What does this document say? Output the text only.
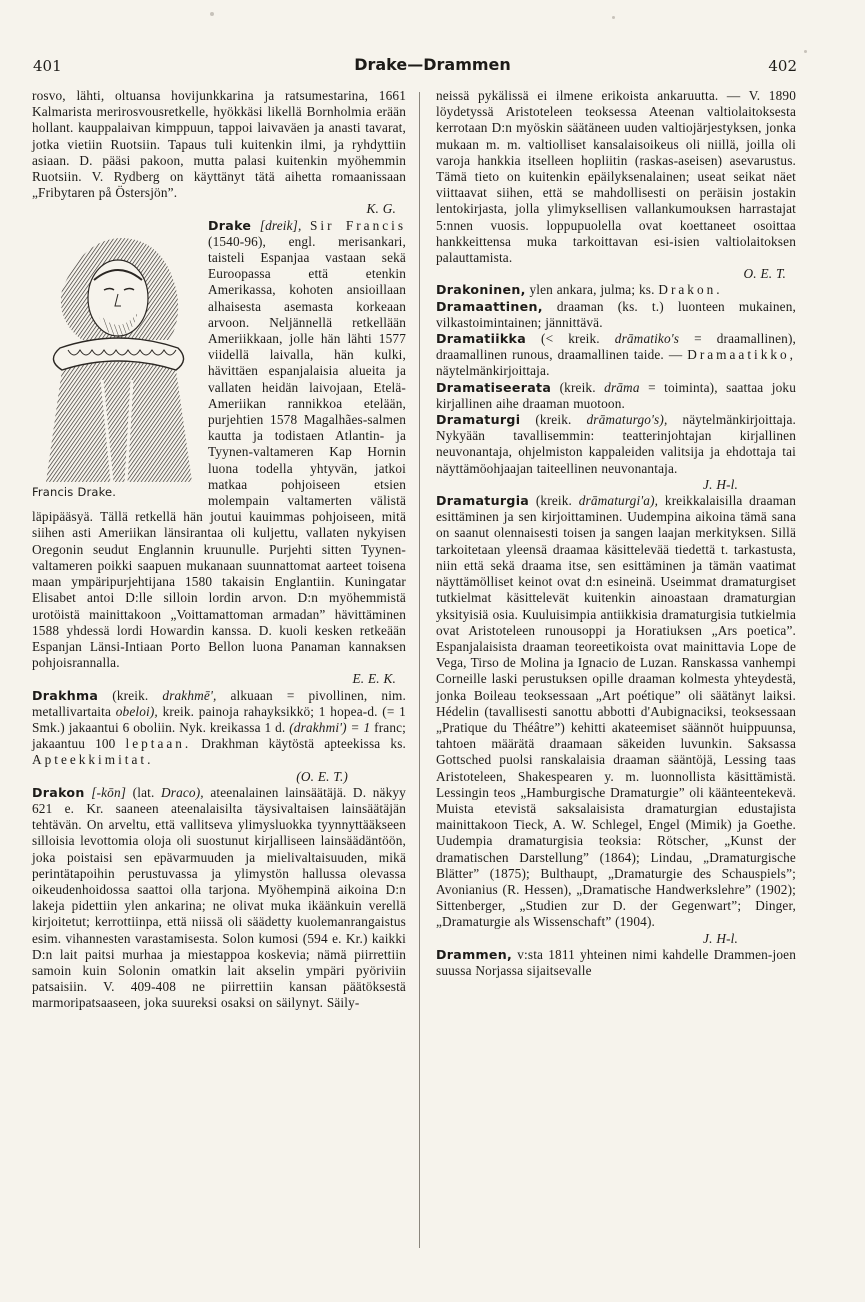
401	Drake—Drammen	402

rosvo, lähti, oltuansa hovijunkkarina ja ratsumestarina, 1661 Kalmarista merirosvousretkelle, hyökkäsi likellä Bornholmia erään hollant. kauppalaivan kimppuun, tappoi laivaväen ja anasti tavarat, jotka vietiin Ruotsiin. Tapaus tuli kuitenkin ilmi, ja ryhdyttiin asiaan. D. pääsi pakoon, mutta palasi kuitenkin myöhemmin Ruotsiin. V. Rydberg on käyttänyt tätä aihetta romaanissaan „Fribytaren på Östersjön”.

K. G.

Drake [dreik], Sir Francis
Francis Drake.
(1540-96), engl. merisankari, taisteli Espanjaa vastaan sekä Euroopassa että etenkin Amerikassa, kohoten ansioillaan alhaisesta asemasta korkeaan arvoon. Neljännellä retkellään Ameriikkaan, jolle hän lähti 1577 viidellä laivalla, hän kulki, hävittäen espanjalaisia alueita ja vallaten heidän laivojaan, Etelä-Ameriikan rannikkoa etelään, purjehtien 1578 Magalhães-salmen kautta ja todistaen Atlantin- ja Tyynen-valtameren Kap Hornin luona todella yhtyvän, jatkoi matkaa pohjoiseen etsien molempain valtamerten välistä läpipääsyä. Tällä retkellä hän joutui kauimmas pohjoiseen, mitä siihen asti Ameriikan länsirantaa oli kuljettu, vallaten nykyisen Oregonin seudut Englannin kruunulle. Purjehti sitten Tyynen-valtameren poikki saapuen mukanaan suunnattomat aarteet toisena maan ympäripurjehtijana 1580 takaisin Englantiin. Kuningatar Elisabet antoi D:lle silloin lordin arvon. D:n myöhemmistä urotöistä mainittakoon „Voittamattoman armadan” hävittäminen 1588 yhdessä lordi Howardin kanssa. D. kuoli kesken retkeään Espanjan Länsi-Intiaan Porto Bellon luona Panaman kannaksen pohjoisrannalla.

E. E. K.

Drakhma (kreik. drakhmē', alkuaan = pivollinen, nim. metallivartaita obeloi), kreik. painoja rahayksikkö; 1 hopea-d. (= 1 Smk.) jakaantui 6 oboliin. Nyk. kreikassa 1 d. (drakhmi') = 1 franc; jakaantuu 100 leptaan. Drakhman käytöstä apteekissa ks. Apteekkimitat.

(O. E. T.)

Drakon [-kōn] (lat. Draco), ateenalainen lainsäätäjä. D. näkyy 621 e. Kr. saaneen ateenalaisilta täysivaltaisen lainsäätäjän tehtävän. On arveltu, että vallitseva ylimysluokka tyynnyttääkseen silloisia levottomia oloja oli suostunut kirjalliseen lainsäädäntöön, joka poistaisi sen epävarmuuden ja mielivaltaisuuden, mikä perintätapoihin perustuvassa ja ylimystön hallussa olevassa oikeudenhoidossa saattoi olla tarjona. Myöhempinä aikoina D:n lakeja pidettiin ylen ankarina; ne olivat muka ikäänkuin verellä kirjoitetut; kerrottiinpa, että niissä oli säädetty kuolemanrangaistus esim. vihannesten varastamisesta. Solon kumosi (594 e. Kr.) kaikki D:n lait paitsi murhaa ja miestappoa koskevia; nämä piirrettiin samoin kuin Solonin omatkin lait akselin ympäri pyöriviin patsaisiin. V. 409-408 ne piirrettiin kansan päätöksestä marmoripatsaaseen, joka suureksi osaksi on säilynyt. Säily-

neissä pykälissä ei ilmene erikoista ankaruutta. — V. 1890 löydetyssä Aristoteleen teoksessa Ateenan valtiolaitoksesta kerrotaan D:n myöskin säätäneen uuden valtiojärjestyksen, jonka mukaan m. m. valtiolliset kansalaisoikeus oli niillä, joilla oli varoja hankkia itselleen hopliitin (raskas-aseisen) asevarustus. Tämä tieto on kuitenkin epäilyksenalainen; useat seikat näet viittaavat siihen, että se mahdollisesti on peräisin jostakin lentokirjasta, jolla ylimyksellisen vallankumouksen harrastajat 5:nnen vuosis. loppupuolella ovat koettaneet osoittaa hankkeittensa muka tarkoittavan esi-isien valtiolaitoksen palauttamista.

O. E. T.

Drakoninen, ylen ankara, julma; ks. Drakon.

Dramaattinen, draaman (ks. t.) luonteen mukainen, vilkastoimintainen; jännittävä.

Dramatiikka (< kreik. drāmatiko's = draamallinen), draamallinen runous, draamallinen taide. — Dramaatikko, näytelmänkirjoittaja.

Dramatiseerata (kreik. drāma = toiminta), saattaa joku kirjallinen aihe draaman muotoon.

Dramaturgi (kreik. drāmaturgo's), näytelmänkirjoittaja. Nykyään tavallisemmin: teatterinjohtajan kirjallinen neuvonantaja, ohjelmiston kappaleiden valitsija ja ehdottaja tai näyttämöohjaajan taiteellinen neuvonantaja.

J. H-l.

Dramaturgia (kreik. drāmaturgi'a), kreikkalaisilla draaman esittäminen ja sen kirjoittaminen. Uudempina aikoina tämä sana on saanut olennaisesti toisen ja sangen laajan merkityksen. Sillä tarkoitetaan yleensä draamaa käsittelevää tiedettä t. tarkastusta, niin että sekä draama itse, sen esittäminen ja tämän vaatimat näyttämölliset keinot ovat d:n esineinä. Useimmat dramaturgiset tutkielmat käsittelevät kuitenkin ainoastaan dramaturgian yksityisiä osia. Kuuluisimpia antiikkisia dramaturgisia tutkielmia ovat Aristoteleen runousoppi ja Horatiuksen „Ars poetica”. Espanjalaisista draaman teoreetikoista ovat mainittavia Lope de Vega, Tirso de Molina ja Ignacio de Luzan. Ranskassa vanhempi Corneille laski perustuksen opille draaman kolmesta yhteydestä, jonka Boileau teoksessaan „Art poétique” oli säätänyt laiksi. Hédelin (tavallisesti sanottu abbotti d'Aubignaciksi, teoksessaan „Pratique du Théâtre”) kehitti akateemiset säännöt huippuunsa, tahtoen määrätä draamaan säkeiden luvunkin. Saksassa Gottsched puolsi ranskalaisia draaman sääntöjä, Lessing taas Aristoteleen, Shakespearen y. m. luonnollista käsittämistä. Lessingin teos „Hamburgische Dramaturgie” oli käänteentekevä. Muista etevistä saksalaisista dramaturgian edustajista mainittakoon Tieck, A. W. Schlegel, Engel (Mimik) ja Goethe. Uudempia dramaturgisia teoksia: Rötscher, „Kunst der dramatischen Darstellung” (1864); Lindau, „Dramaturgische Blätter” (1875); Bulthaupt, „Dramaturgie des Schauspiels”; Avonianius (R. Hessen), „Dramatische Handwerkslehre” (1902); Sittenberger, „Studien zur D. der Gegenwart”; Dinger, „Dramaturgie als Wissenschaft” (1904).

J. H-l.

Drammen, v:sta 1811 yhteinen nimi kahdelle Drammen-joen suussa Norjassa sijaitsevalle
